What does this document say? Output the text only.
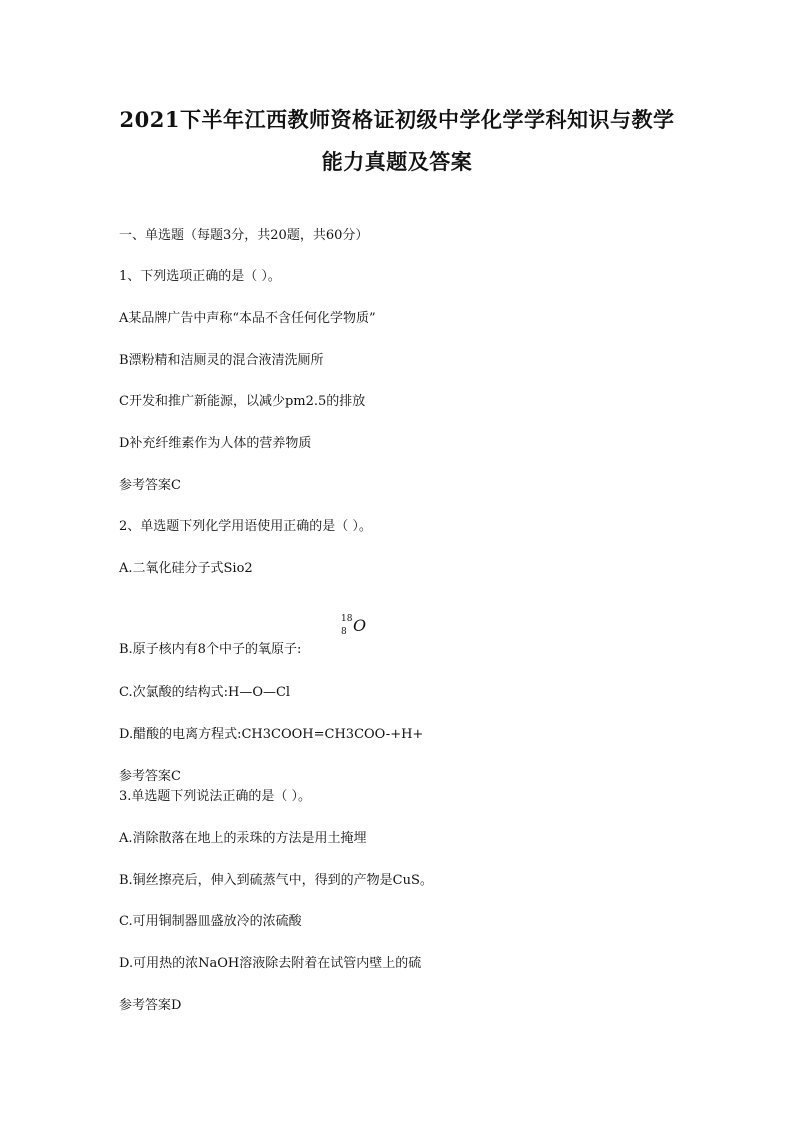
2021下半年江西教师资格证初级中学化学学科知识与教学
能力真题及答案
一、单选题（每题3分，共20题，共60分）
1、下列选项正确的是（ ）。
A某品牌广告中声称“本品不含任何化学物质”
B漂粉精和洁厕灵的混合液清洗厕所
C开发和推广新能源，以减少pm2.5的排放
D补充纤维素作为人体的营养物质
参考答案C
2、单选题下列化学用语使用正确的是（ ）。
A.二氧化硅分子式Sio2
B.原子核内有8个中子的氧原子:
18
8 O
C.次氯酸的结构式:H—O—Cl
D.醋酸的电离方程式:CH3COOH=CH3COO-+H+
参考答案C
3.单选题下列说法正确的是（ ）。
A.消除散落在地上的汞珠的方法是用土掩埋
B.铜丝擦亮后，伸入到硫蒸气中，得到的产物是CuS。
C.可用铜制器皿盛放冷的浓硫酸
D.可用热的浓NaOH溶液除去附着在试管内壁上的硫
参考答案D
